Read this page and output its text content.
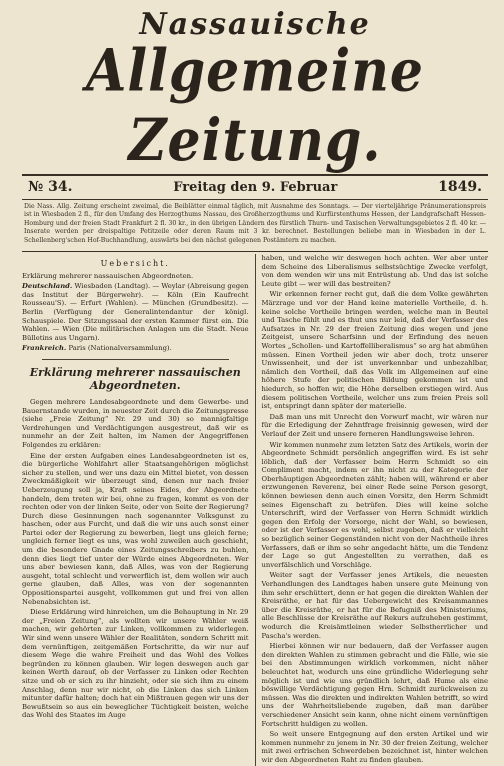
Nassauische
Allgemeine Zeitung.
№ 34.	Freitag den 9. Februar	1849.
Die Nass. Allg. Zeitung erscheint zweimal, die Beiblätter einmal täglich, mit Ausnahme des Sonntags. — Der vierteljährige Pränumerationspreis ist in Wiesbaden 2 fl., für den Umfang des Herzogthums Nassau, des Großherzogthums und Kurfürstenthums Hessen, der Landgrafschaft Hessen-Homburg und der freien Stadt Frankfurt 2 fl. 30 kr., in den übrigen Ländern des fürstlich Thurn- und Taxischen Verwaltungsgebietes 2 fl. 40 kr. — Inserate werden per dreispaltige Petitzeile oder deren Raum mit 3 kr. berechnet. Bestellungen beliebe man in Wiesbaden in der L. Schellenberg'schen Hof-Buchhandlung, auswärts bei den nächst gelegenen Postämtern zu machen.
Uebersicht.

Erklärung mehrerer nassauischen Abgeordneten.

Deutschland. Wiesbaden (Landtag). — Weylar (Abreisung gegen das Institut der Bürgerwehr). — Köln (Ein Kaufrecht Rousseau'S). — Erfurt (Wahlen). — München (Grundbesitz). — Berlin (Verfügung der Generalintendantur der königl. Schauspiele. Der Sitzungssaal der ersten Kammer fürst ein. Die Wahlen. — Wien (Die militärischen Anlagen um die Stadt. Neue Bülletins aus Ungarn).

Frankreich. Paris (Nationalversammlung).

Erklärung mehrerer nassauischen Abgeordneten.

Gegen mehrere Landesabgeordnete und dem Gewerbe- und Bauernstande wurden, in neuester Zeit durch die Zeitungspresse (siehe „Freie Zeitung“ Nr. 29 und 30) so mannigfaltige Verdrehungen und Verdächtigungen ausgestreut, daß wir es nunmehr an der Zeit halten, im Namen der Angegriffenen Folgendes zu erklären:

Eine der ersten Aufgaben eines Landesabgeordneten ist es, die bürgerliche Wohlfahrt aller Staatsangehörigen möglichst sicher zu stellen, und wer uns dazu ein Mittel bietet, von dessen Zweckmäßigkeit wir überzeugt sind, denen nur nach freier Ueberzeugung soll ja, Kraft seines Eides, der Abgeordnete handeln, dem treten wir bei, ohne zu fragen, kommt es von der rechten oder von der linken Seite, oder von Seite der Regierung? Durch diese Gesinnungen nach sogenannter Volksgunst zu haschen, oder aus Furcht, und daß die wir uns auch sonst einer Partei oder der Regierung zu bewerben, liegt uns gleich ferne; ungleich ferner liegt es uns, was wohl zuweilen auch geschieht, um die besondere Gnade eines Zeitungsschreibers zu buhlen, denn dies liegt tief unter der Würde eines Abgeordneten. Wer uns aber bewiesen kann, daß Alles, was von der Regierung ausgeht, total schlecht und verwerflich ist, dem wollen wir auch gerne glauben, daß Alles, was von der sogenannten Oppositionspartei ausgeht, vollkommen gut und frei von allen Nebenabsichten ist.

Diese Erklärung wird hinreichen, um die Behauptung in Nr. 29 der „Freien Zeitung“, als wollten wir unsere Wähler weiß machen, wir gehörten zur Linken, vollkommen zu widerlegen. Wir sind wenn unsere Wähler der Realitäten, sondern Schritt mit dem vernünftigen, zeitgemäßen Fortschritte, da wir nur auf diesem Wege die wahre Freiheit und das Wohl des Volkes begründen zu können glauben. Wir legen deswegen auch gar keinen Werth darauf, ob der Verfasser zu Linken oder Rechten sitze und ob er sich zu ihr hinzieht, oder sie sich ihm zu einem Anschlag, denn nur wir nicht, ob die Linken das sich Linken mitunter dafür halten; doch hat ein Mißtrauen gegen wir uns der Bewußtsein so aus ein beweglicher Tüchtigkeit beisten, welche das Wohl des Staates im Auge

haben, und welche wir deswegen hoch achten. Wer aber unter dem Scheine des Liberalismus selbstsüchtige Zwecke verfolgt, von dem wenden wir uns mit Entrüstung ab. Und das ist solche Leute gibt — wer will das bestreiten?

Wir erkennen ferner recht gut, daß die dem Volke gewährten Märzrage und vor der Hand keine materielle Vortheile, d. h. keine solche Vortheile bringen werden, welche man in Beutel und Tasche fühlt und es thut uns nur leid, daß der Verfasser des Aufsatzes in Nr. 29 der freien Zeitung dies wegen und jene Zeitgeist, unsere Scharfsinn und der Erfindung des neuen Wortes „Schollen- und Kartoffelliberalismus“ so arg hat abmühen müssen. Einen Vortheil jeden wir aber doch, trotz unserer Unwissenheit, und der ist unverkennbar und unbezahlbar, nämlich den Vortheil, daß das Volk im Allgemeinen auf eine höhere Stufe der politischen Bildung gekommen ist und hiedurch, so hoffen wir, die Höhe derselben erstiegen wird. Aus diesem politischen Vortheile, welcher uns zum freien Preis soll ist, entspringt dann später der materielle.

Daß man uns mit Unrecht den Vorwurf macht, wir wären nur für die Erledigung der Zehntfrage freisinnig gewesen, wird der Verlauf der Zeit und unsere ferneren Handlungsweise lehren.

Wir kommen nunmehr zum letzten Satz des Artikels, worin der Abgeordnete Schmidt persönlich angegriffen wird. Es ist sehr löblich, daß der Verfasser beim Herrn Schmidt so ein Compliment macht, indem er ihn nicht zu der Kategorie der Oberhäuptigen Abgeordneten zählt; haben will, während er aber erzwungenen Reverenz, bei einer Rede seine Person gesorgt, können bewiesen denn auch einen Vorsitz, den Herrn Schmidt seines Eigenschaft zu betrüfen. Dies will keine solche Unterschrift, wird der Verfasser von Herrn Schmidt wirklich gegen den Erfolg der Vorsorge, nicht der Wahl, so bewiesen, oder ist der Verfasser es wohl, selbst zugeben, daß er vielleicht so bezüglich seiner Gegenständen nicht von der Nachtheile ihres Verfassers, daß er ihm so sehr angedacht hätte, um die Tendenz der Lage so gut Angestellten zu verrathen, daß es unverfälschlich und Vorschläge.

Weiter sagt der Verfasser jenes Artikels, die neuesten Verhandlungen des Landtages haben unsere gute Meinung von ihm sehr erschüttert, denn er hat gegen die direkten Wahlen der Kreisräthe, er hat für das Uebergewicht des Kreisammannes über die Kreisräthe, er hat für die Befugniß des Ministeriums, alle Beschlüsse der Kreisräthe auf Rekurs aufzuheben gestimmt, wodurch die Kreisämtleinen wieder Selbstherrlicher und Pascha's werden.

Hierbei können wir nur bedauern, daß der Verfasser augen den direkten Wahlen zu stimmen gebracht und die Fälle, wie sie bei den Abstimmungen wirklich vorkommen, nicht näher beleuchtet hat, wodurch uns eine gründliche Widerlegung sehr möglich ist und wie uns gründlich lehrt, daß Hume als eine böswillige Verdächtigung gegen Hrn. Schmidt zurückweisen zu müssen. Was die direkten und indirekten Wahlen betrifft, so wird uns der Wahrheitsliebende zugeben, daß man darüber verschiedener Ansicht sein kann, ohne nicht einem vernünftigen Fortschritt huldigen zu wollen.

So weit unsere Entgegnung auf den ersten Artikel und wir kommen nunmehr zu jenem in Nr. 30 der freien Zeitung, welcher mit zwei erfrischen Schwerdeben bezeichnet ist, hinter welchen wir den Abgeordneten Raht zu finden glauben.
